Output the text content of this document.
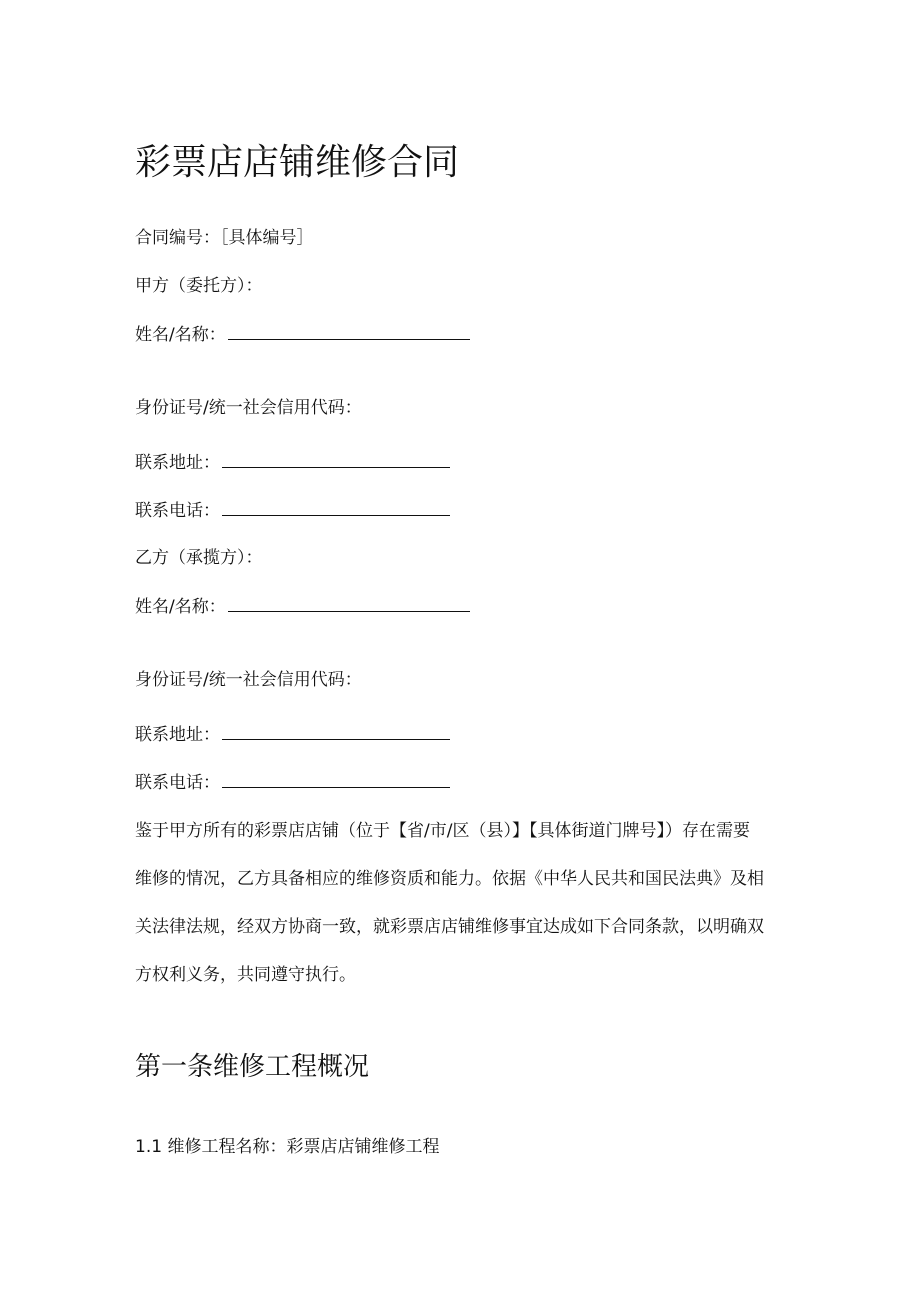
彩票店店铺维修合同
合同编号：［具体编号］
甲方（委托方）：
姓名/名称：
身份证号/统一社会信用代码：
联系地址：
联系电话：
乙方（承揽方）：
姓名/名称：
身份证号/统一社会信用代码：
联系地址：
联系电话：
鉴于甲方所有的彩票店店铺（位于【省/市/区（县）】【具体街道门牌号】）存在需要
维修的情况，乙方具备相应的维修资质和能力。依据《中华人民共和国民法典》及相
关法律法规，经双方协商一致，就彩票店店铺维修事宜达成如下合同条款，以明确双
方权利义务，共同遵守执行。
第一条维修工程概况
1.1 维修工程名称：彩票店店铺维修工程
